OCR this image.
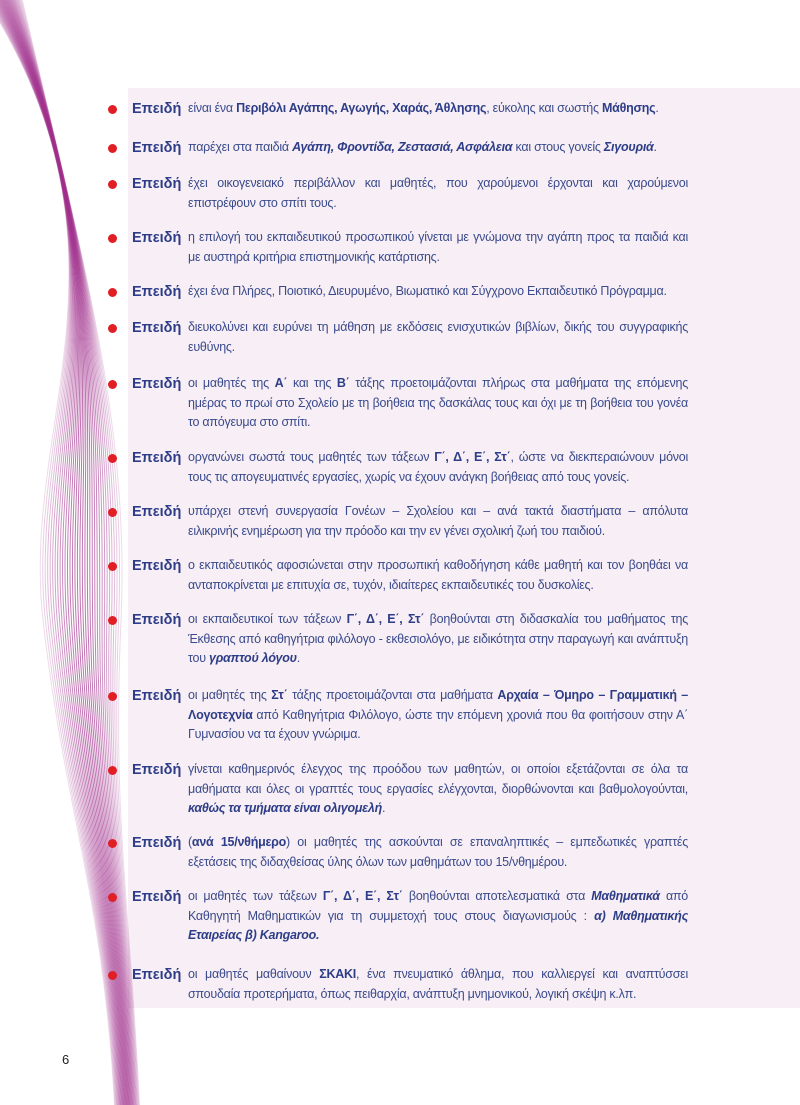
Επειδή είναι ένα Περιβόλι Αγάπης, Αγωγής, Χαράς, Άθλησης, εύκολης και σωστής Μάθησης.
Επειδή παρέχει στα παιδιά Αγάπη, Φροντίδα, Ζεστασιά, Ασφάλεια και στους γονείς Σιγουριά.
Επειδή έχει οικογενειακό περιβάλλον και μαθητές, που χαρούμενοι έρχονται και χαρούμενοι επιστρέφουν στο σπίτι τους.
Επειδή η επιλογή του εκπαιδευτικού προσωπικού γίνεται με γνώμονα την αγάπη προς τα παιδιά και με αυστηρά κριτήρια επιστημονικής κατάρτισης.
Επειδή έχει ένα Πλήρες, Ποιοτικό, Διευρυμένο, Βιωματικό και Σύγχρονο Εκπαιδευτικό Πρόγραμμα.
Επειδή διευκολύνει και ευρύνει τη μάθηση με εκδόσεις ενισχυτικών βιβλίων, δικής του συγγραφικής ευθύνης.
Επειδή οι μαθητές της Α΄ και της Β΄ τάξης προετοιμάζονται πλήρως στα μαθήματα της επόμενης ημέρας το πρωί στο Σχολείο με τη βοήθεια της δασκάλας τους και όχι με τη βοήθεια του γονέα το απόγευμα στο σπίτι.
Επειδή οργανώνει σωστά τους μαθητές των τάξεων Γ΄, Δ΄, Ε΄, Στ΄, ώστε να διεκπεραιώνουν μόνοι τους τις απογευματινές εργασίες, χωρίς να έχουν ανάγκη βοήθειας από τους γονείς.
Επειδή υπάρχει στενή συνεργασία Γονέων – Σχολείου και – ανά τακτά διαστήματα – απόλυτα ειλικρινής ενημέρωση για την πρόοδο και την εν γένει σχολική ζωή του παιδιού.
Επειδή ο εκπαιδευτικός αφοσιώνεται στην προσωπική καθοδήγηση κάθε μαθητή και τον βοηθάει να ανταποκρίνεται με επιτυχία σε, τυχόν, ιδιαίτερες εκπαιδευτικές του δυσκολίες.
Επειδή οι εκπαιδευτικοί των τάξεων Γ΄, Δ΄, Ε΄, Στ΄ βοηθούνται στη διδασκαλία του μαθήματος της Έκθεσης από καθηγήτρια φιλόλογο - εκθεσιολόγο, με ειδικότητα στην παραγωγή και ανάπτυξη του γραπτού λόγου.
Επειδή οι μαθητές της Στ΄ τάξης προετοιμάζονται στα μαθήματα Αρχαία – Όμηρο – Γραμματική – Λογοτεχνία από Καθηγήτρια Φιλόλογο, ώστε την επόμενη χρονιά που θα φοιτήσουν στην Α΄ Γυμνασίου να τα έχουν γνώριμα.
Επειδή γίνεται καθημερινός έλεγχος της προόδου των μαθητών, οι οποίοι εξετάζονται σε όλα τα μαθήματα και όλες οι γραπτές τους εργασίες ελέγχονται, διορθώνονται και βαθμολογούνται, καθώς τα τμήματα είναι ολιγομελή.
Επειδή (ανά 15/νθήμερο) οι μαθητές της ασκούνται σε επαναληπτικές – εμπεδωτικές γραπτές εξετάσεις της διδαχθείσας ύλης όλων των μαθημάτων του 15/νθημέρου.
Επειδή οι μαθητές των τάξεων Γ΄, Δ΄, Ε΄, Στ΄ βοηθούνται αποτελεσματικά στα Μαθηματικά από Καθηγητή Μαθηματικών για τη συμμετοχή τους στους διαγωνισμούς : α) Μαθηματικής Εταιρείας β) Kangaroo.
Επειδή οι μαθητές μαθαίνουν ΣΚΑΚΙ, ένα πνευματικό άθλημα, που καλλιεργεί και αναπτύσσει σπουδαία προτερήματα, όπως πειθαρχία, ανάπτυξη μνημονικού, λογική σκέψη κ.λπ.
6
